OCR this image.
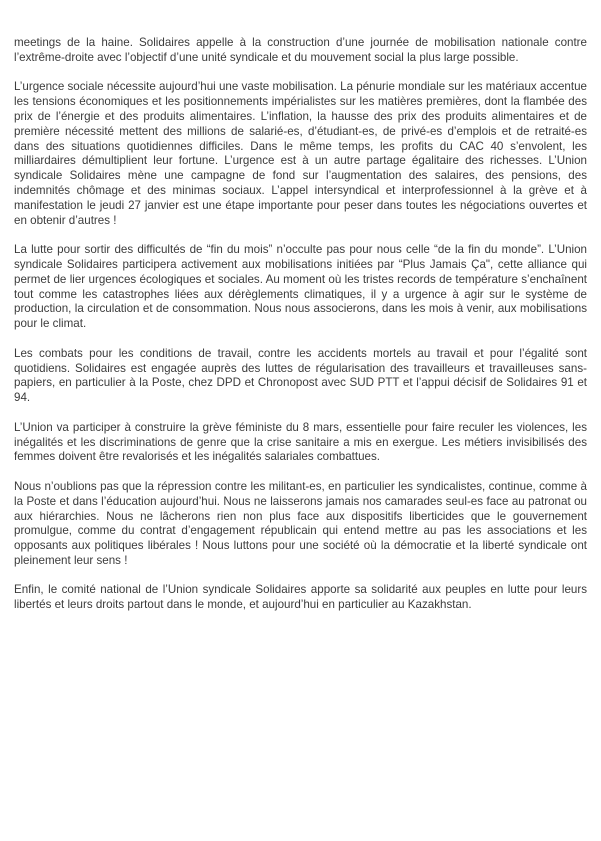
meetings de la haine. Solidaires appelle à la construction d’une journée de mobilisation nationale contre l’extrême-droite avec l’objectif d’une unité syndicale et du mouvement social la plus large possible.

L’urgence sociale nécessite aujourd’hui une vaste mobilisation. La pénurie mondiale sur les matériaux accentue les tensions économiques et les positionnements impérialistes sur les matières premières, dont la flambée des prix de l’énergie et des produits alimentaires. L’inflation, la hausse des prix des produits alimentaires et de première nécessité mettent des millions de salarié-es, d’étudiant-es, de privé-es d’emplois et de retraité-es dans des situations quotidiennes difficiles. Dans le même temps, les profits du CAC 40 s’envolent, les milliardaires démultiplient leur fortune. L’urgence est à un autre partage égalitaire des richesses. L’Union syndicale Solidaires mène une campagne de fond sur l’augmentation des salaires, des pensions, des indemnités chômage et des minimas sociaux. L’appel intersyndical et interprofessionnel à la grève et à manifestation le jeudi 27 janvier est une étape importante pour peser dans toutes les négociations ouvertes et en obtenir d’autres !

La lutte pour sortir des difficultés de “fin du mois” n’occulte pas pour nous celle “de la fin du monde”. L’Union syndicale Solidaires participera activement aux mobilisations initiées par “Plus Jamais Ça", cette alliance qui permet de lier urgences écologiques et sociales. Au moment où les tristes records de température s’enchaînent tout comme les catastrophes liées aux dérèglements climatiques, il y a urgence à agir sur le système de production, la circulation et de consommation. Nous nous associerons, dans les mois à venir, aux mobilisations pour le climat.

Les combats pour les conditions de travail, contre les accidents mortels au travail et pour l’égalité sont quotidiens. Solidaires est engagée auprès des luttes de régularisation des travailleurs et travailleuses sans-papiers, en particulier à la Poste, chez DPD et Chronopost avec SUD PTT et l’appui décisif de Solidaires 91 et 94.

L’Union va participer à construire la grève féministe du 8 mars, essentielle pour faire reculer les violences, les inégalités et les discriminations de genre que la crise sanitaire a mis en exergue. Les métiers invisibilisés des femmes doivent être revalorisés et les inégalités salariales combattues.

Nous n’oublions pas que la répression contre les militant-es, en particulier les syndicalistes, continue, comme à la Poste et dans l’éducation aujourd’hui. Nous ne laisserons jamais nos camarades seul-es face au patronat ou aux hiérarchies. Nous ne lâcherons rien non plus face aux dispositifs liberticides que le gouvernement promulgue, comme du contrat d’engagement républicain qui entend mettre au pas les associations et les opposants aux politiques libérales ! Nous luttons pour une société où la démocratie et la liberté syndicale ont pleinement leur sens !

Enfin, le comité national de l’Union syndicale Solidaires apporte sa solidarité aux peuples en lutte pour leurs libertés et leurs droits partout dans le monde, et aujourd’hui en particulier au Kazakhstan.
